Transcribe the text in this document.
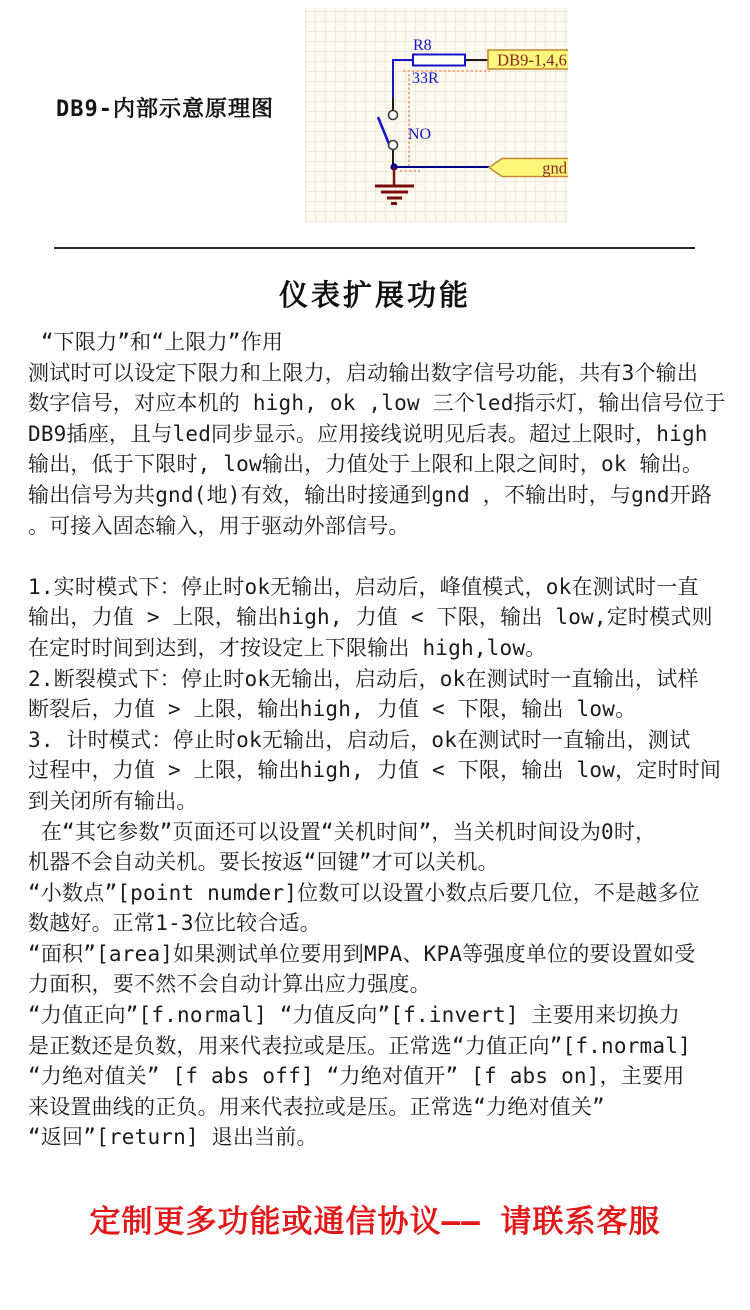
R8
33R
NO
DB9-1,4,6
gnd
DB9-内部示意原理图
仪表扩展功能
“下限力”和“上限力”作用
测试时可以设定下限力和上限力，启动输出数字信号功能，共有3个输出
数字信号，对应本机的 high, ok ,low 三个led指示灯，输出信号位于
DB9插座，且与led同步显示。应用接线说明见后表。超过上限时，high
输出，低于下限时, low输出，力值处于上限和上限之间时，ok 输出。
输出信号为共gnd(地)有效，输出时接通到gnd ，不输出时，与gnd开路
。可接入固态输入，用于驱动外部信号。
1.实时模式下：停止时ok无输出，启动后，峰值模式，ok在测试时一直
输出，力值 > 上限，输出high, 力值 < 下限，输出 low,定时模式则
在定时时间到达到，才按设定上下限输出 high,low。
2.断裂模式下：停止时ok无输出，启动后，ok在测试时一直输出，试样
断裂后，力值 > 上限，输出high, 力值 < 下限，输出 low。
3. 计时模式：停止时ok无输出，启动后，ok在测试时一直输出，测试
过程中，力值 > 上限，输出high, 力值 < 下限，输出 low，定时时间
到关闭所有输出。
在“其它参数”页面还可以设置“关机时间”，当关机时间设为0时，
机器不会自动关机。要长按返“回键”才可以关机。
“小数点”[point numder]位数可以设置小数点后要几位，不是越多位
数越好。正常1-3位比较合适。
“面积”[area]如果测试单位要用到MPA、KPA等强度单位的要设置如受
力面积，要不然不会自动计算出应力强度。
“力值正向”[f.normal] “力值反向”[f.invert] 主要用来切换力
是正数还是负数，用来代表拉或是压。正常选“力值正向”[f.normal]
“力绝对值关” [f abs off] “力绝对值开” [f abs on]，主要用
来设置曲线的正负。用来代表拉或是压。正常选“力绝对值关”
“返回”[return] 退出当前。
定制更多功能或通信协议—— 请联系客服
